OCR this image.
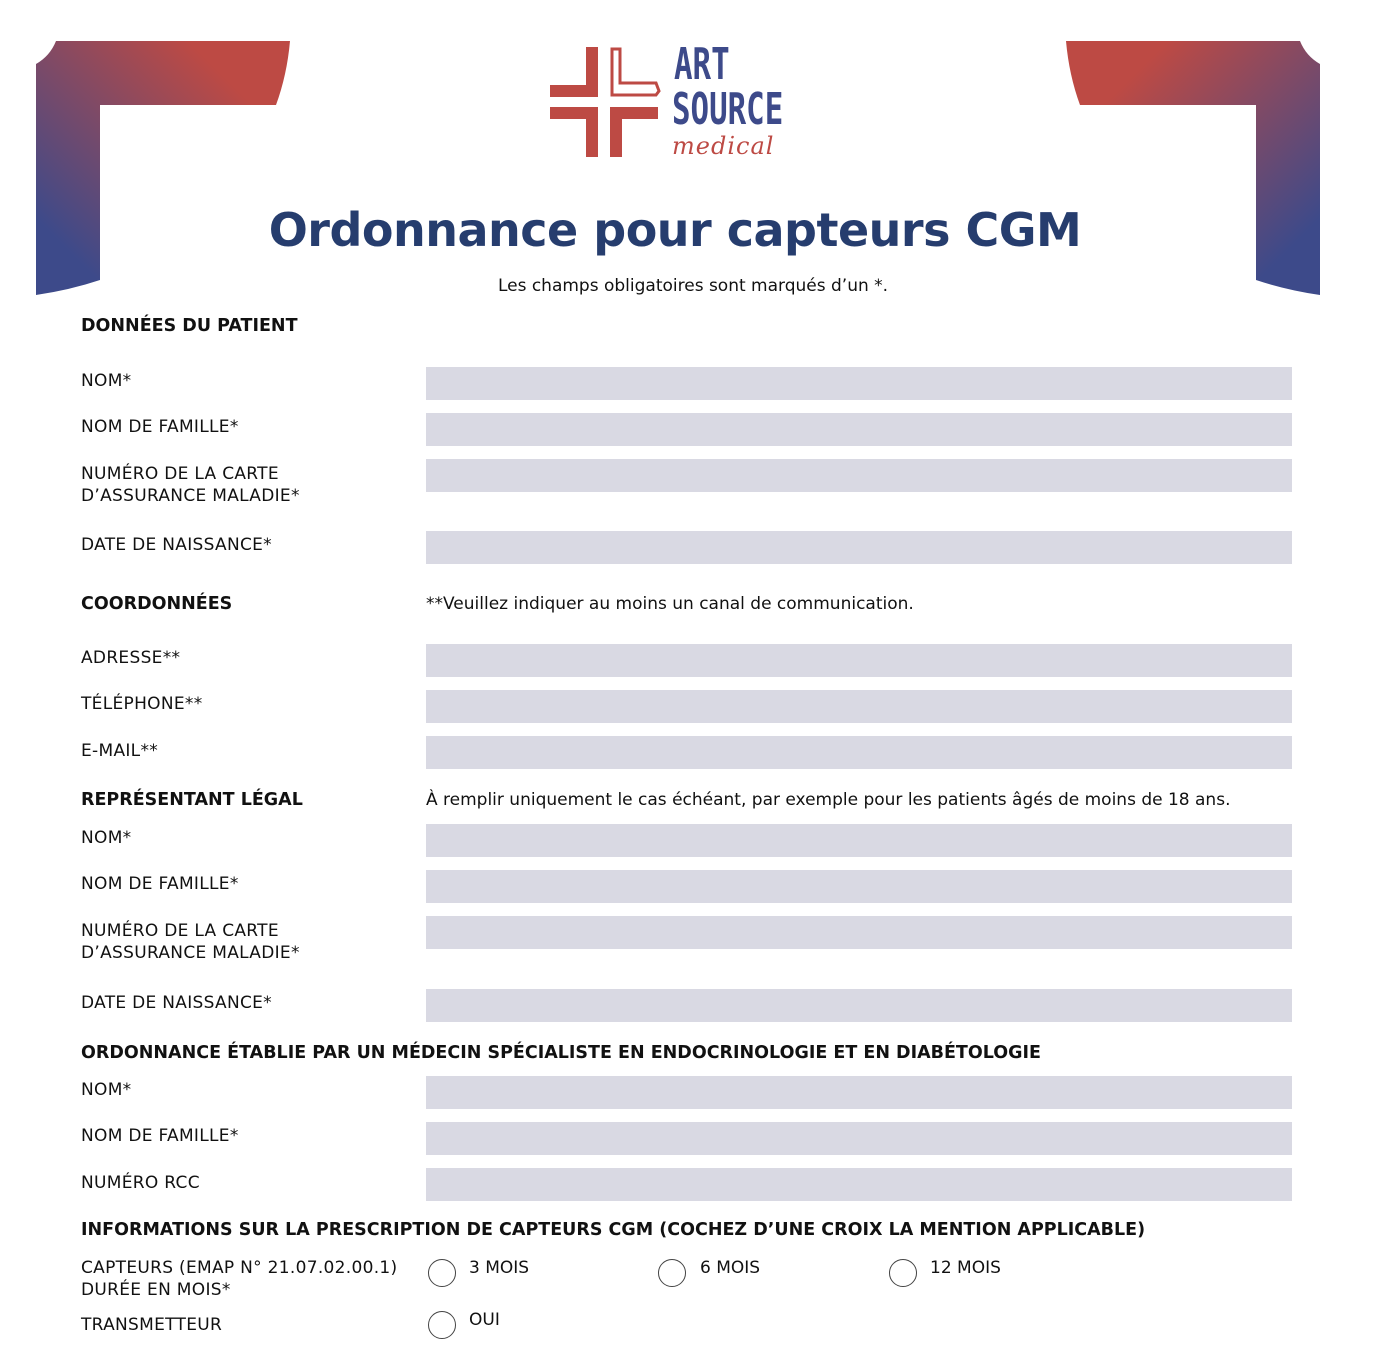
ART
SOURCE
medical
Ordonnance pour capteurs CGM
Les champs obligatoires sont marqués d’un *.
DONNÉES DU PATIENT
NOM*
NOM DE FAMILLE*
NUMÉRO DE LA CARTE
D’ASSURANCE MALADIE*
DATE DE NAISSANCE*
COORDONNÉES	**Veuillez indiquer au moins un canal de communication.
ADRESSE**
TÉLÉPHONE**
E-MAIL**
REPRÉSENTANT LÉGAL	À remplir uniquement le cas échéant, par exemple pour les patients âgés de moins de 18 ans.
NOM*
NOM DE FAMILLE*
NUMÉRO DE LA CARTE
D’ASSURANCE MALADIE*
DATE DE NAISSANCE*
ORDONNANCE ÉTABLIE PAR UN MÉDECIN SPÉCIALISTE EN ENDOCRINOLOGIE ET EN DIABÉTOLOGIE
NOM*
NOM DE FAMILLE*
NUMÉRO RCC
INFORMATIONS SUR LA PRESCRIPTION DE CAPTEURS CGM (COCHEZ D’UNE CROIX LA MENTION APPLICABLE)
CAPTEURS (EMAP N° 21.07.02.00.1)
DURÉE EN MOIS*
3 MOIS	6 MOIS	12 MOIS
TRANSMETTEUR	OUI
